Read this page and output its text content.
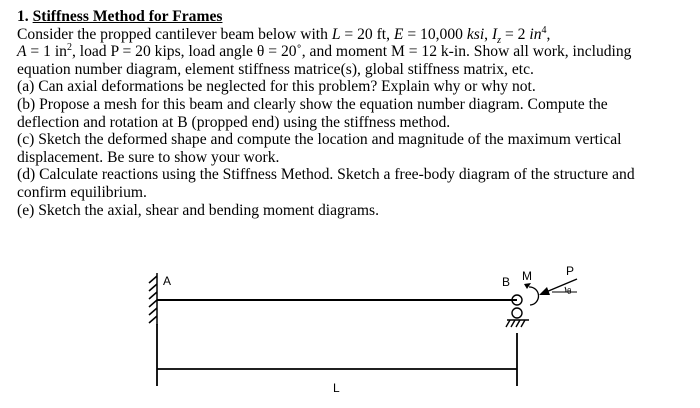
1. Stiffness Method for Frames
Consider the propped cantilever beam below with L = 20 ft, E = 10,000 ksi, $I_z = 2$ $in^4$,
A = 1 $in^2$, load P = 20 kips, load angle θ = 20˚, and moment M = 12 k-in. Show all work, including
equation number diagram, element stiffness matrice(s), global stiffness matrix, etc.
(a) Can axial deformations be neglected for this problem? Explain why or why not.
(b) Propose a mesh for this beam and clearly show the equation number diagram. Compute the
deflection and rotation at B (propped end) using the stiffness method.
(c) Sketch the deformed shape and compute the location and magnitude of the maximum vertical
displacement. Be sure to show your work.
(d) Calculate reactions using the Stiffness Method. Sketch a free-body diagram of the structure and
confirm equilibrium.
(e) Sketch the axial, shear and bending moment diagrams.
A	B M	P
θ
L
